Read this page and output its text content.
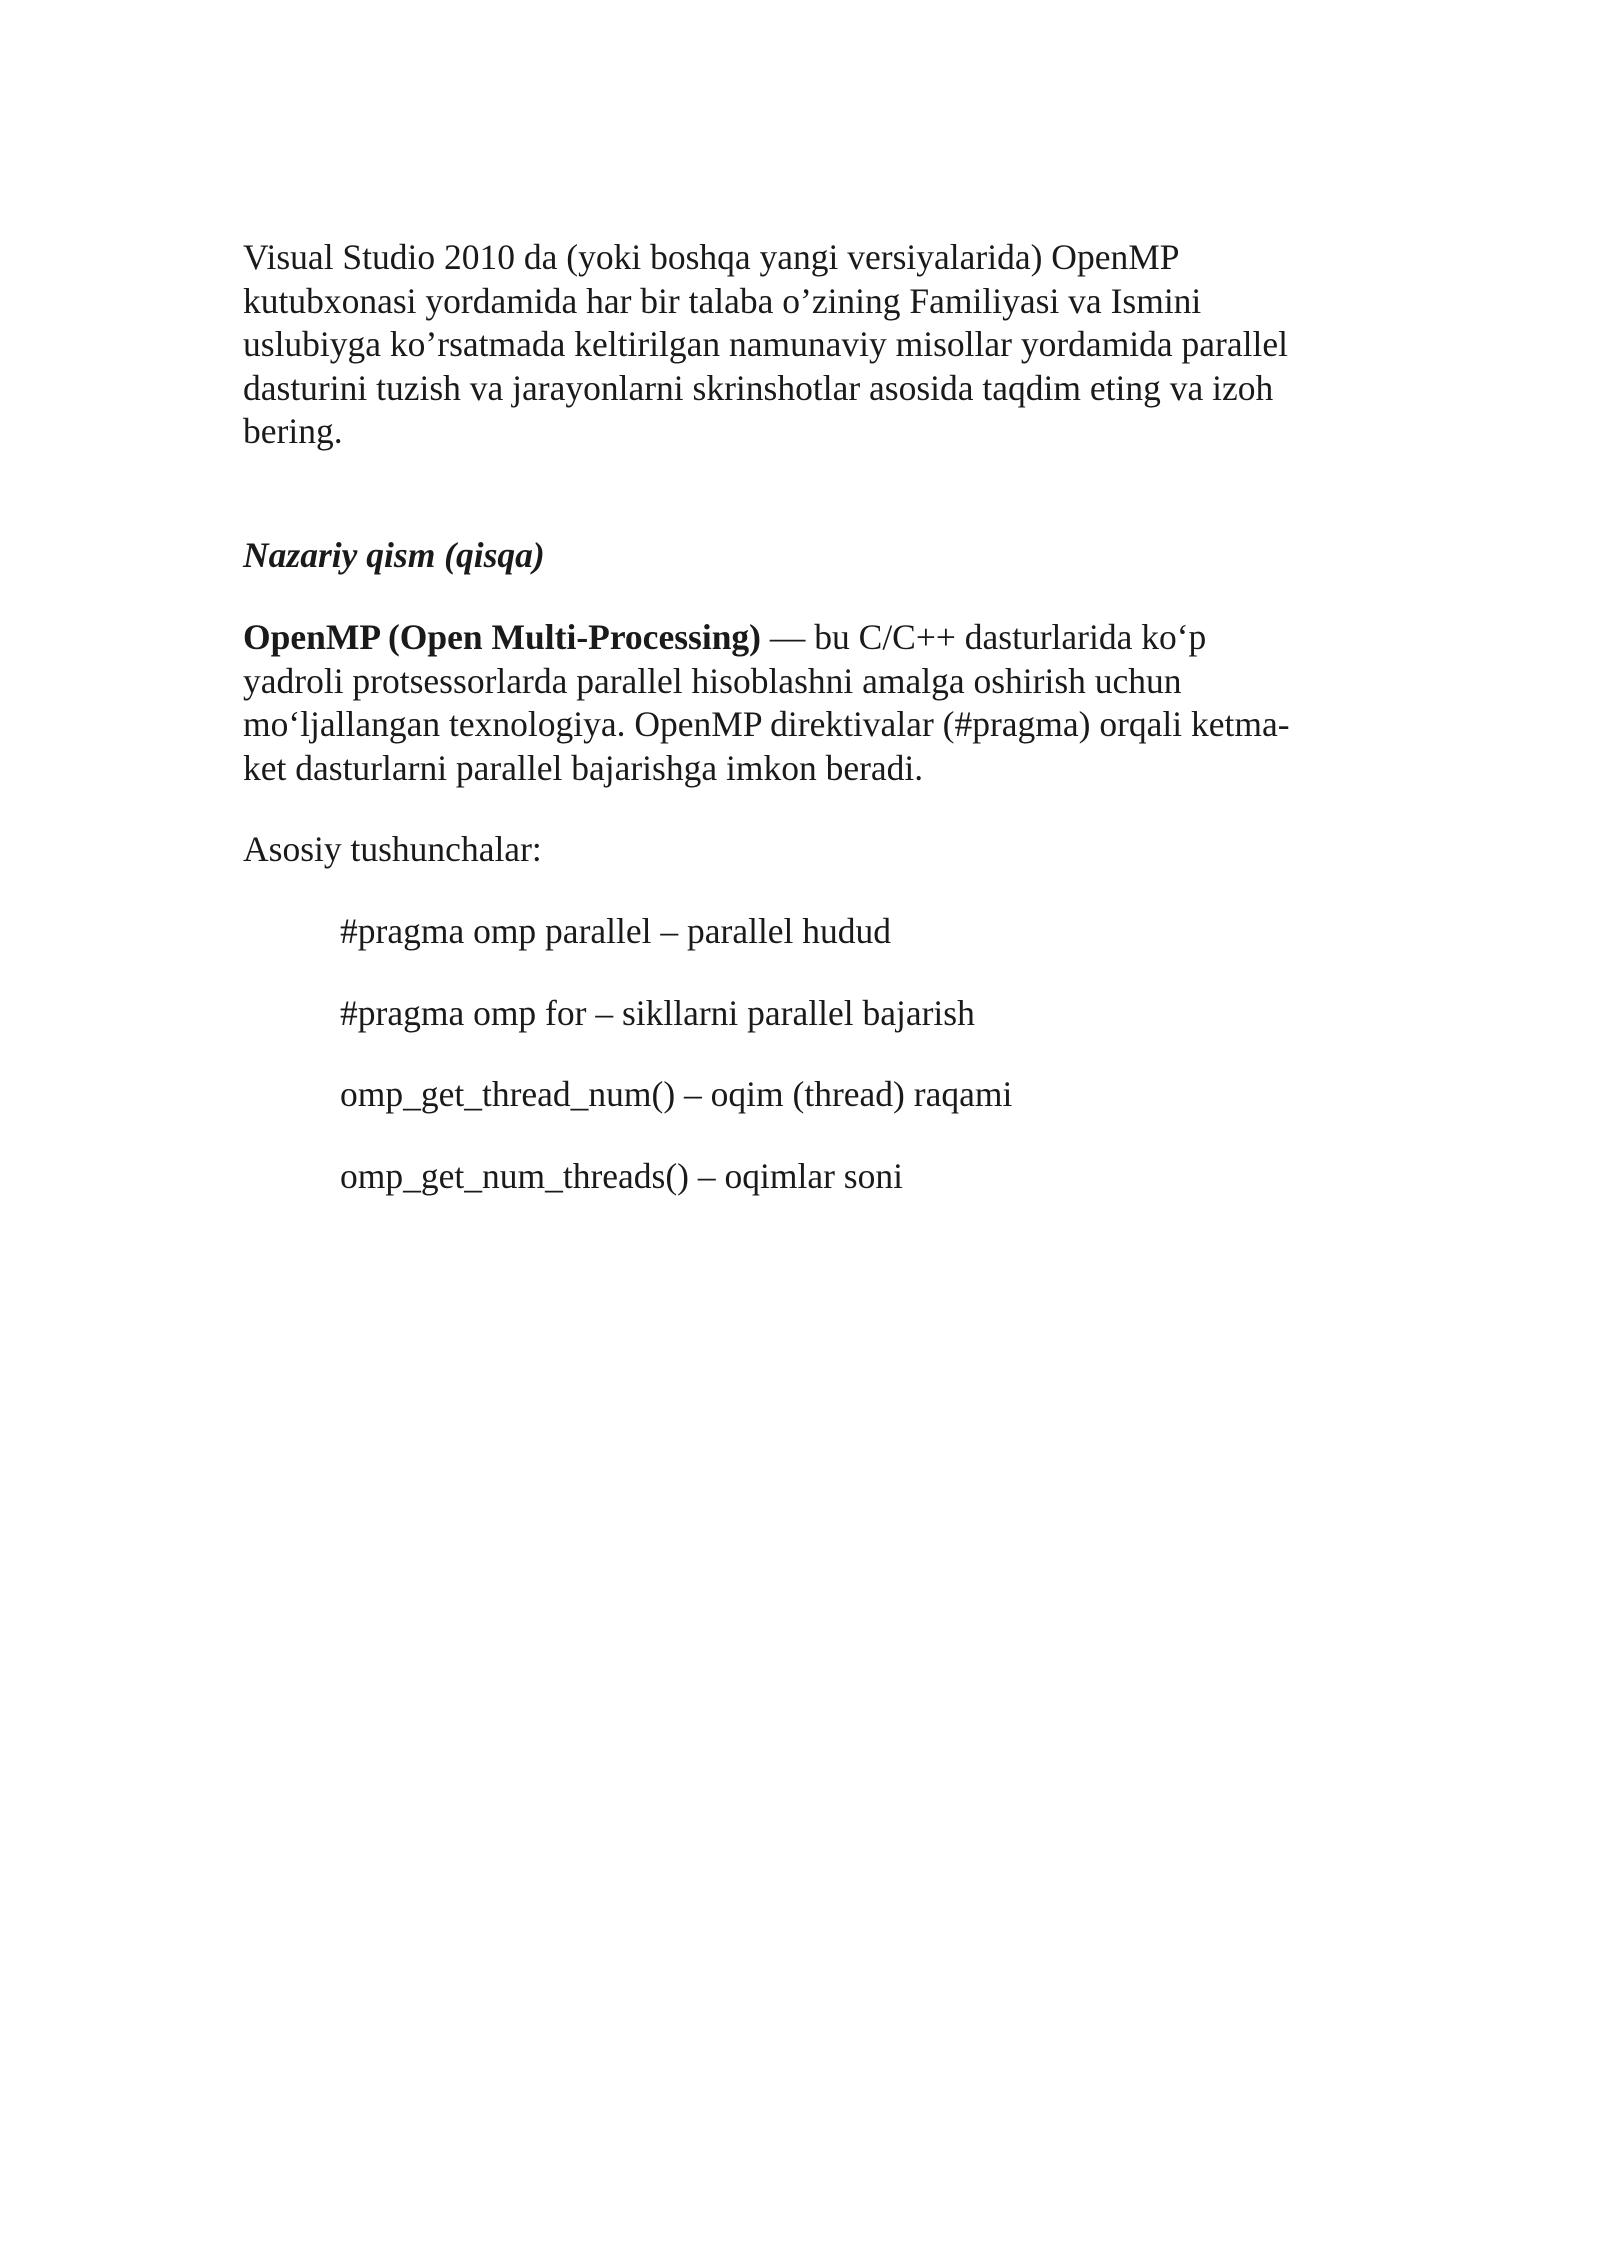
Visual Studio 2010 da (yoki boshqa yangi versiyalarida) OpenMP
kutubxonasi yordamida har bir talaba o’zining Familiyasi va Ismini
uslubiyga ko’rsatmada keltirilgan namunaviy misollar yordamida parallel
dasturini tuzish va jarayonlarni skrinshotlar asosida taqdim eting va izoh
bering.

Nazariy qism (qisqa)

OpenMP (Open Multi-Processing) — bu C/C++ dasturlarida ko‘p
yadroli protsessorlarda parallel hisoblashni amalga oshirish uchun
mo‘ljallangan texnologiya. OpenMP direktivalar (#pragma) orqali ketma-
ket dasturlarni parallel bajarishga imkon beradi.

Asosiy tushunchalar:

#pragma omp parallel – parallel hudud
#pragma omp for – sikllarni parallel bajarish
omp_get_thread_num() – oqim (thread) raqami
omp_get_num_threads() – oqimlar soni
